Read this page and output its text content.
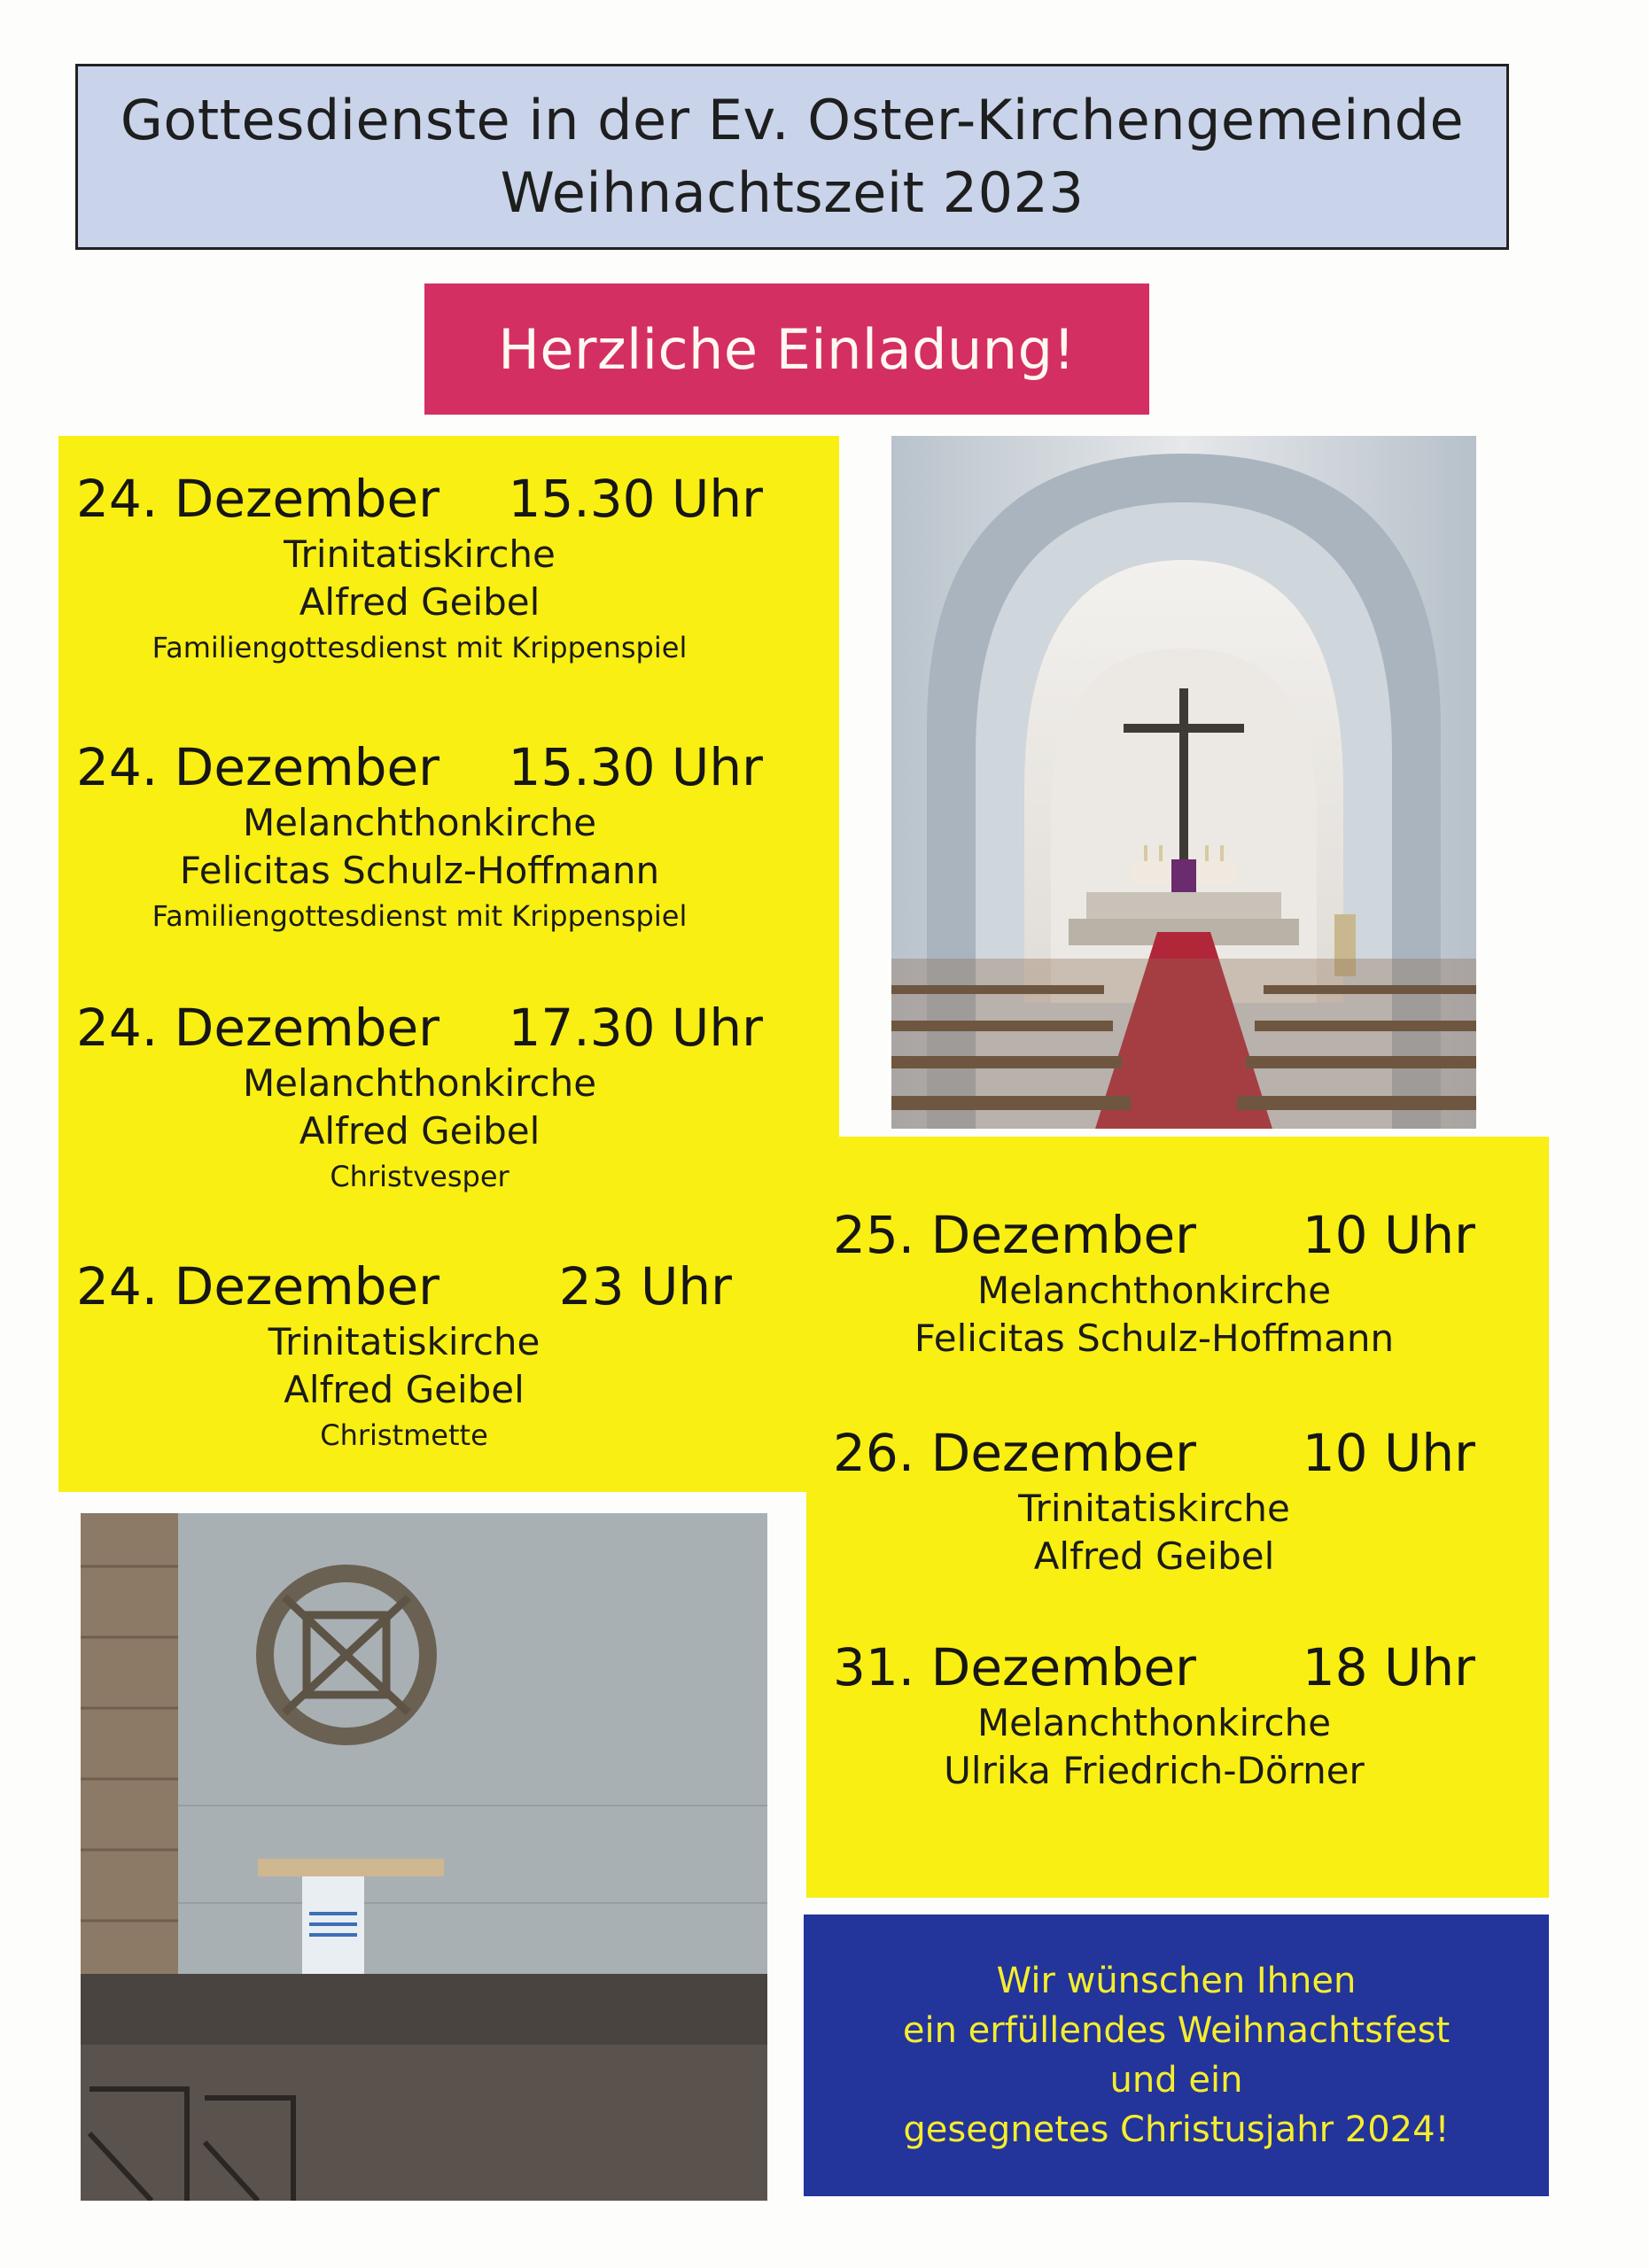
Gottesdienste in der Ev. Oster-Kirchengemeinde
Weihnachtszeit 2023
Herzliche Einladung!
24. Dezember 15.30 Uhr
Trinitatiskirche
Alfred Geibel
Familiengottesdienst mit Krippenspiel
24. Dezember 15.30 Uhr
Melanchthonkirche
Felicitas Schulz-Hoffmann
Familiengottesdienst mit Krippenspiel
24. Dezember 17.30 Uhr
Melanchthonkirche
Alfred Geibel
Christvesper
24. Dezember 23 Uhr
Trinitatiskirche
Alfred Geibel
Christmette
25. Dezember 10 Uhr
Melanchthonkirche
Felicitas Schulz-Hoffmann
26. Dezember 10 Uhr
Trinitatiskirche
Alfred Geibel
31. Dezember 18 Uhr
Melanchthonkirche
Ulrika Friedrich-Dörner
Wir wünschen Ihnen
ein erfüllendes Weihnachtsfest
und ein
gesegnetes Christusjahr 2024!
